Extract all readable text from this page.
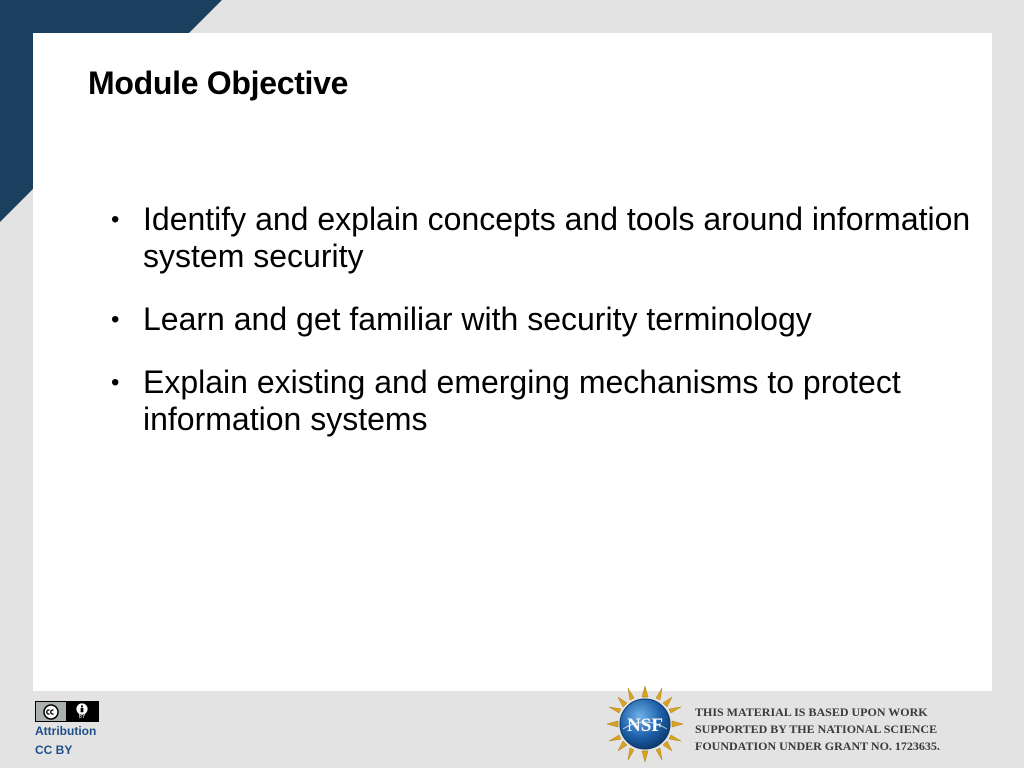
Module Objective
• Identify and explain concepts and tools around information system security
• Learn and get familiar with security terminology
• Explain existing and emerging mechanisms to protect information systems
BY
Attribution
CC BY
NSF

THIS MATERIAL IS BASED UPON WORK
SUPPORTED BY THE NATIONAL SCIENCE
FOUNDATION UNDER GRANT NO. 1723635.
